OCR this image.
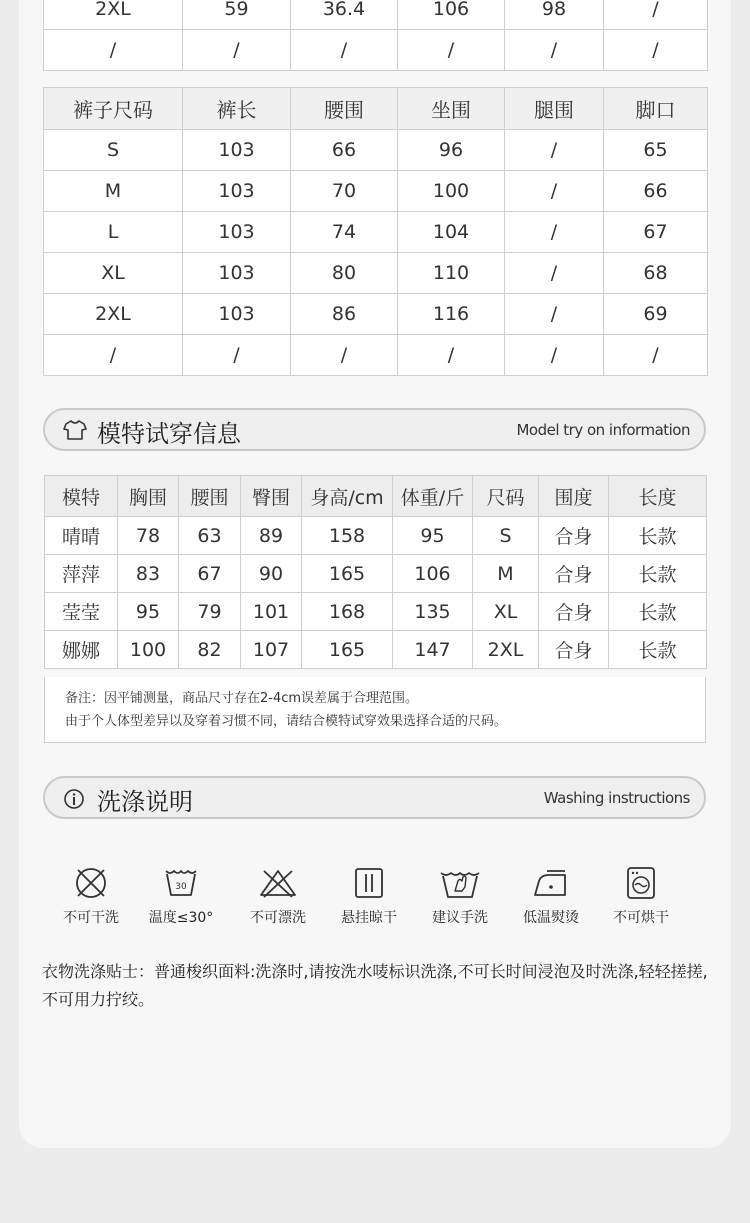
2XL	59	36.4	106	98	/
/	/	/	/	/	/
裤子尺码	裤长	腰围	坐围	腿围	脚口
S	103	66	96	/	65
M	103	70	100	/	66
L	103	74	104	/	67
XL	103	80	110	/	68
2XL	103	86	116	/	69
/	/	/	/	/	/
模特试穿信息	Model try on information
模特	胸围	腰围	臀围	身高/cm	体重/斤	尺码	围度	长度
晴晴	78	63	89	158	95	S	合身	长款
萍萍	83	67	90	165	106	M	合身	长款
莹莹	95	79	101	168	135	XL	合身	长款
娜娜	100	82	107	165	147	2XL	合身	长款
备注：因平铺测量，商品尺寸存在2-4cm误差属于合理范围。
由于个人体型差异以及穿着习惯不同，请结合模特试穿效果选择合适的尺码。
洗涤说明	Washing instructions
不可干洗
30
温度≤30°	不可漂洗	悬挂晾干	建议手洗	低温熨烫	不可烘干
衣物洗涤贴士：普通梭织面料:洗涤时,请按洗水唛标识洗涤,不可长时间浸泡及时洗涤,轻轻搓搓,不可用力拧绞。
